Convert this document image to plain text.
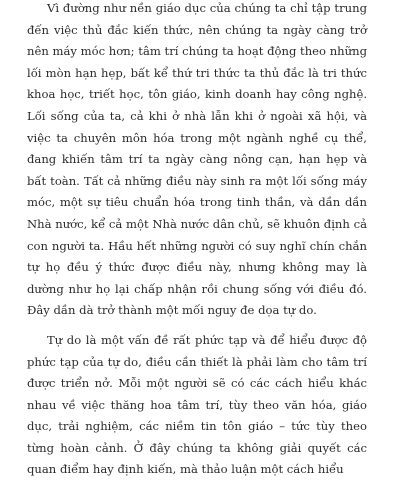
Vì đường như nền giáo dục của chúng ta chỉ tập trung đến việc thủ đắc kiến thức, nên chúng ta ngày càng trở nên máy móc hơn; tâm trí chúng ta hoạt động theo những lối mòn hạn hẹp, bất kể thứ tri thức ta thủ đắc là tri thức khoa học, triết học, tôn giáo, kinh doanh hay công nghệ. Lối sống của ta, cả khi ở nhà lẫn khi ở ngoài xã hội, và việc ta chuyên môn hóa trong một ngành nghề cụ thể, đang khiến tâm trí ta ngày càng nông cạn, hạn hẹp và bất toàn. Tất cả những điều này sinh ra một lối sống máy móc, một sự tiêu chuẩn hóa trong tinh thần, và dần dần Nhà nước, kể cả một Nhà nước dân chủ, sẽ khuôn định cả con người ta. Hầu hết những người có suy nghĩ chín chắn tự họ đều ý thức được điều này, nhưng không may là dường như họ lại chấp nhận rồi chung sống với điều đó. Đây dần dà trở thành một mối nguy đe dọa tự do.

Tự do là một vấn đề rất phức tạp và để hiểu được độ phức tạp của tự do, điều cần thiết là phải làm cho tâm trí được triển nở. Mỗi một người sẽ có các cách hiểu khác nhau về việc thăng hoa tâm trí, tùy theo văn hóa, giáo dục, trải nghiệm, các niềm tin tôn giáo – tức tùy theo từng hoàn cảnh. Ở đây chúng ta không giải quyết các quan điểm hay định kiến, mà thảo luận một cách hiểu
